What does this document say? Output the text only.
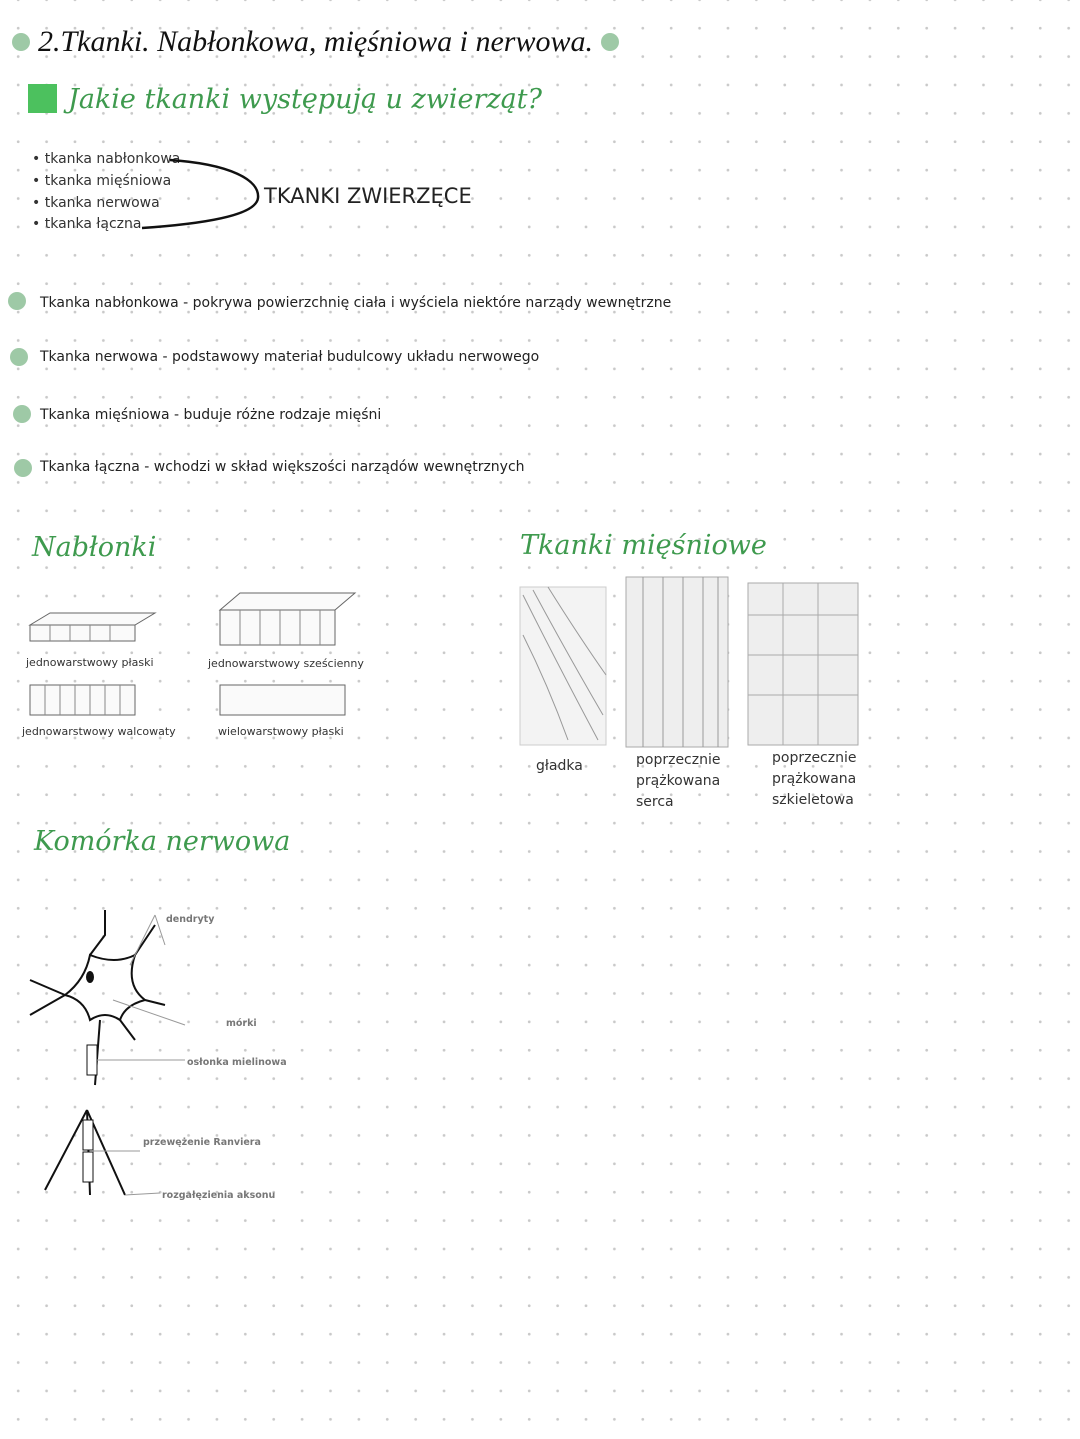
2.Tkanki. Nabłonkowa, mięśniowa i nerwowa.
Jakie tkanki występują u zwierząt?
• tkanka nabłonkowa
• tkanka mięśniowa
• tkanka nerwowa
• tkanka łączna
TKANKI ZWIERZĘCE
Tkanka nabłonkowa - pokrywa powierzchnię ciała i wyściela niektóre narządy wewnętrzne
Tkanka nerwowa - podstawowy materiał budulcowy układu nerwowego
Tkanka mięśniowa - buduje różne rodzaje mięśni
Tkanka łączna - wchodzi w skład większości narządów wewnętrznych
Nabłonki
jednowarstwowy płaski	jednowarstwowy sześcienny
jednowarstwowy walcowaty	wielowarstwowy płaski
Tkanki mięśniowe
gładka	poprzecznie prążkowana serca
poprzecznie prążkowana szkieletowa
Komórka nerwowa
dendryty
mórki
osłonka mielinowa
przewężenie Ranviera
rozgałęzienia aksonu
